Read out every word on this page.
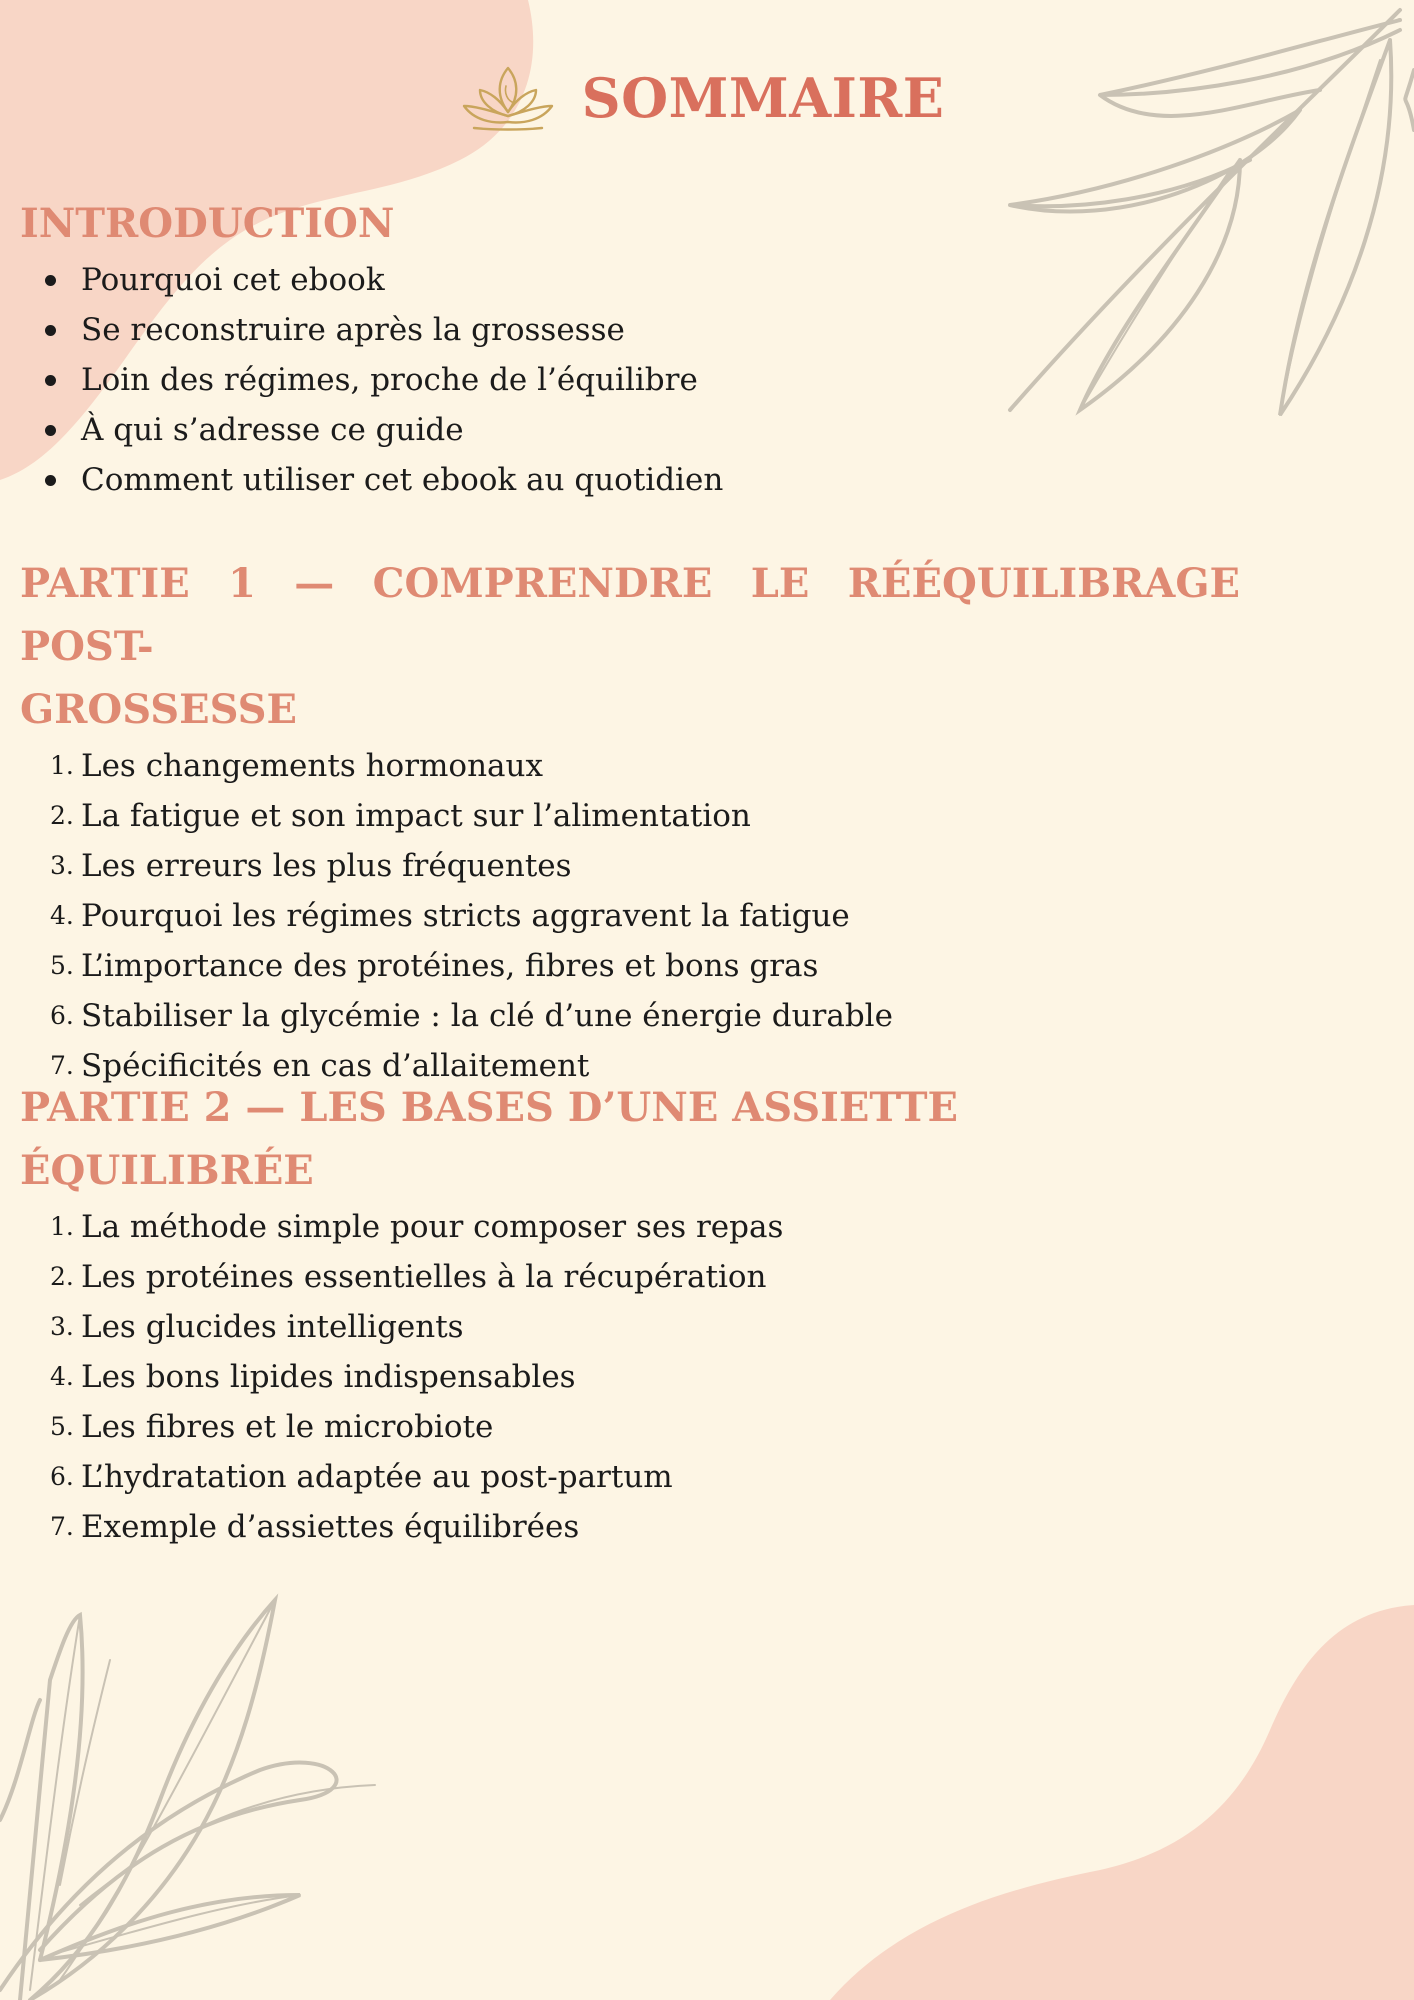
SOMMAIRE
INTRODUCTION
Pourquoi cet ebook
Se reconstruire après la grossesse
Loin des régimes, proche de l’équilibre
À qui s’adresse ce guide
Comment utiliser cet ebook au quotidien
PARTIE 1 — COMPRENDRE LE RÉÉQUILIBRAGE POST-
GROSSESSE
1. Les changements hormonaux
2. La fatigue et son impact sur l’alimentation
3. Les erreurs les plus fréquentes
4. Pourquoi les régimes stricts aggravent la fatigue
5. L’importance des protéines, fibres et bons gras
6. Stabiliser la glycémie : la clé d’une énergie durable
7. Spécificités en cas d’allaitement
PARTIE 2 — LES BASES D’UNE ASSIETTE ÉQUILIBRÉE
1. La méthode simple pour composer ses repas
2. Les protéines essentielles à la récupération
3. Les glucides intelligents
4. Les bons lipides indispensables
5. Les fibres et le microbiote
6. L’hydratation adaptée au post-partum
7. Exemple d’assiettes équilibrées
